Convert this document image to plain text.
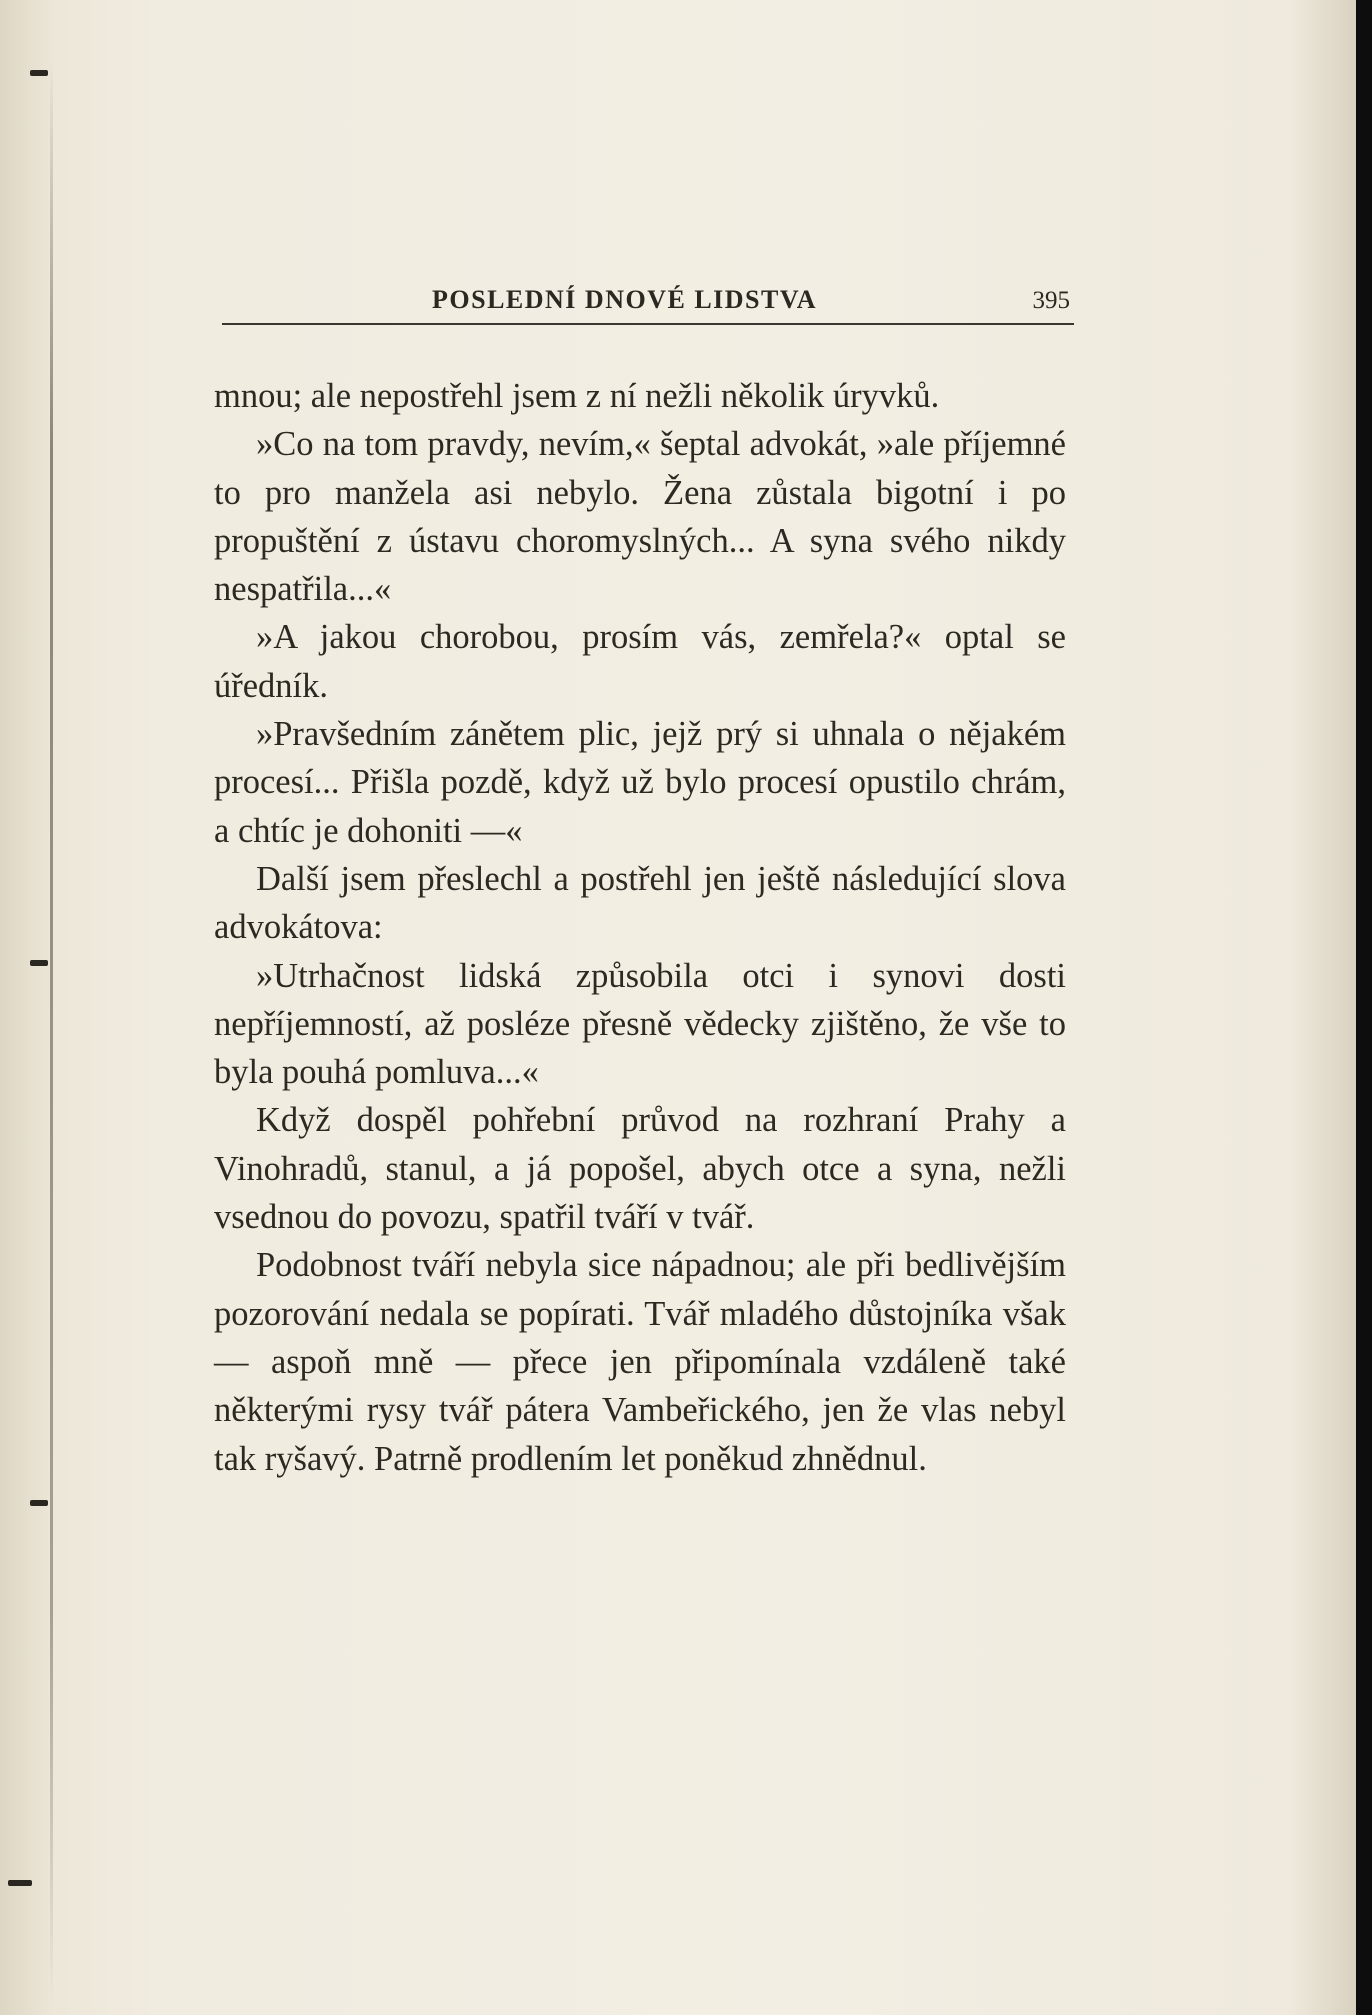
POSLEDNÍ DNOVÉ LIDSTVA	395

mnou; ale nepostřehl jsem z ní nežli několik úryvků.

»Co na tom pravdy, nevím,« šeptal advokát, »ale příjemné to pro manžela asi nebylo. Žena zůstala bigotní i po propuštění z ústavu choromyslných... A syna svého nikdy nespatřila...«

»A jakou chorobou, prosím vás, zemřela?« optal se úředník.

»Pravšedním zánětem plic, jejž prý si uhnala o nějakém procesí... Přišla pozdě, když už bylo procesí opustilo chrám, a chtíc je dohoniti —«

Další jsem přeslechl a postřehl jen ještě následující slova advokátova:

»Utrhačnost lidská způsobila otci i synovi dosti nepříjemností, až posléze přesně vědecky zjištěno, že vše to byla pouhá pomluva...«

Když dospěl pohřební průvod na rozhraní Prahy a Vinohradů, stanul, a já popošel, abych otce a syna, nežli vsednou do povozu, spatřil tváří v tvář.

Podobnost tváří nebyla sice nápadnou; ale při bedlivějším pozorování nedala se popírati. Tvář mladého důstojníka však — aspoň mně — přece jen připomínala vzdáleně také některými rysy tvář pátera Vambeřického, jen že vlas nebyl tak ryšavý. Patrně prodlením let poněkud zhnědnul.
